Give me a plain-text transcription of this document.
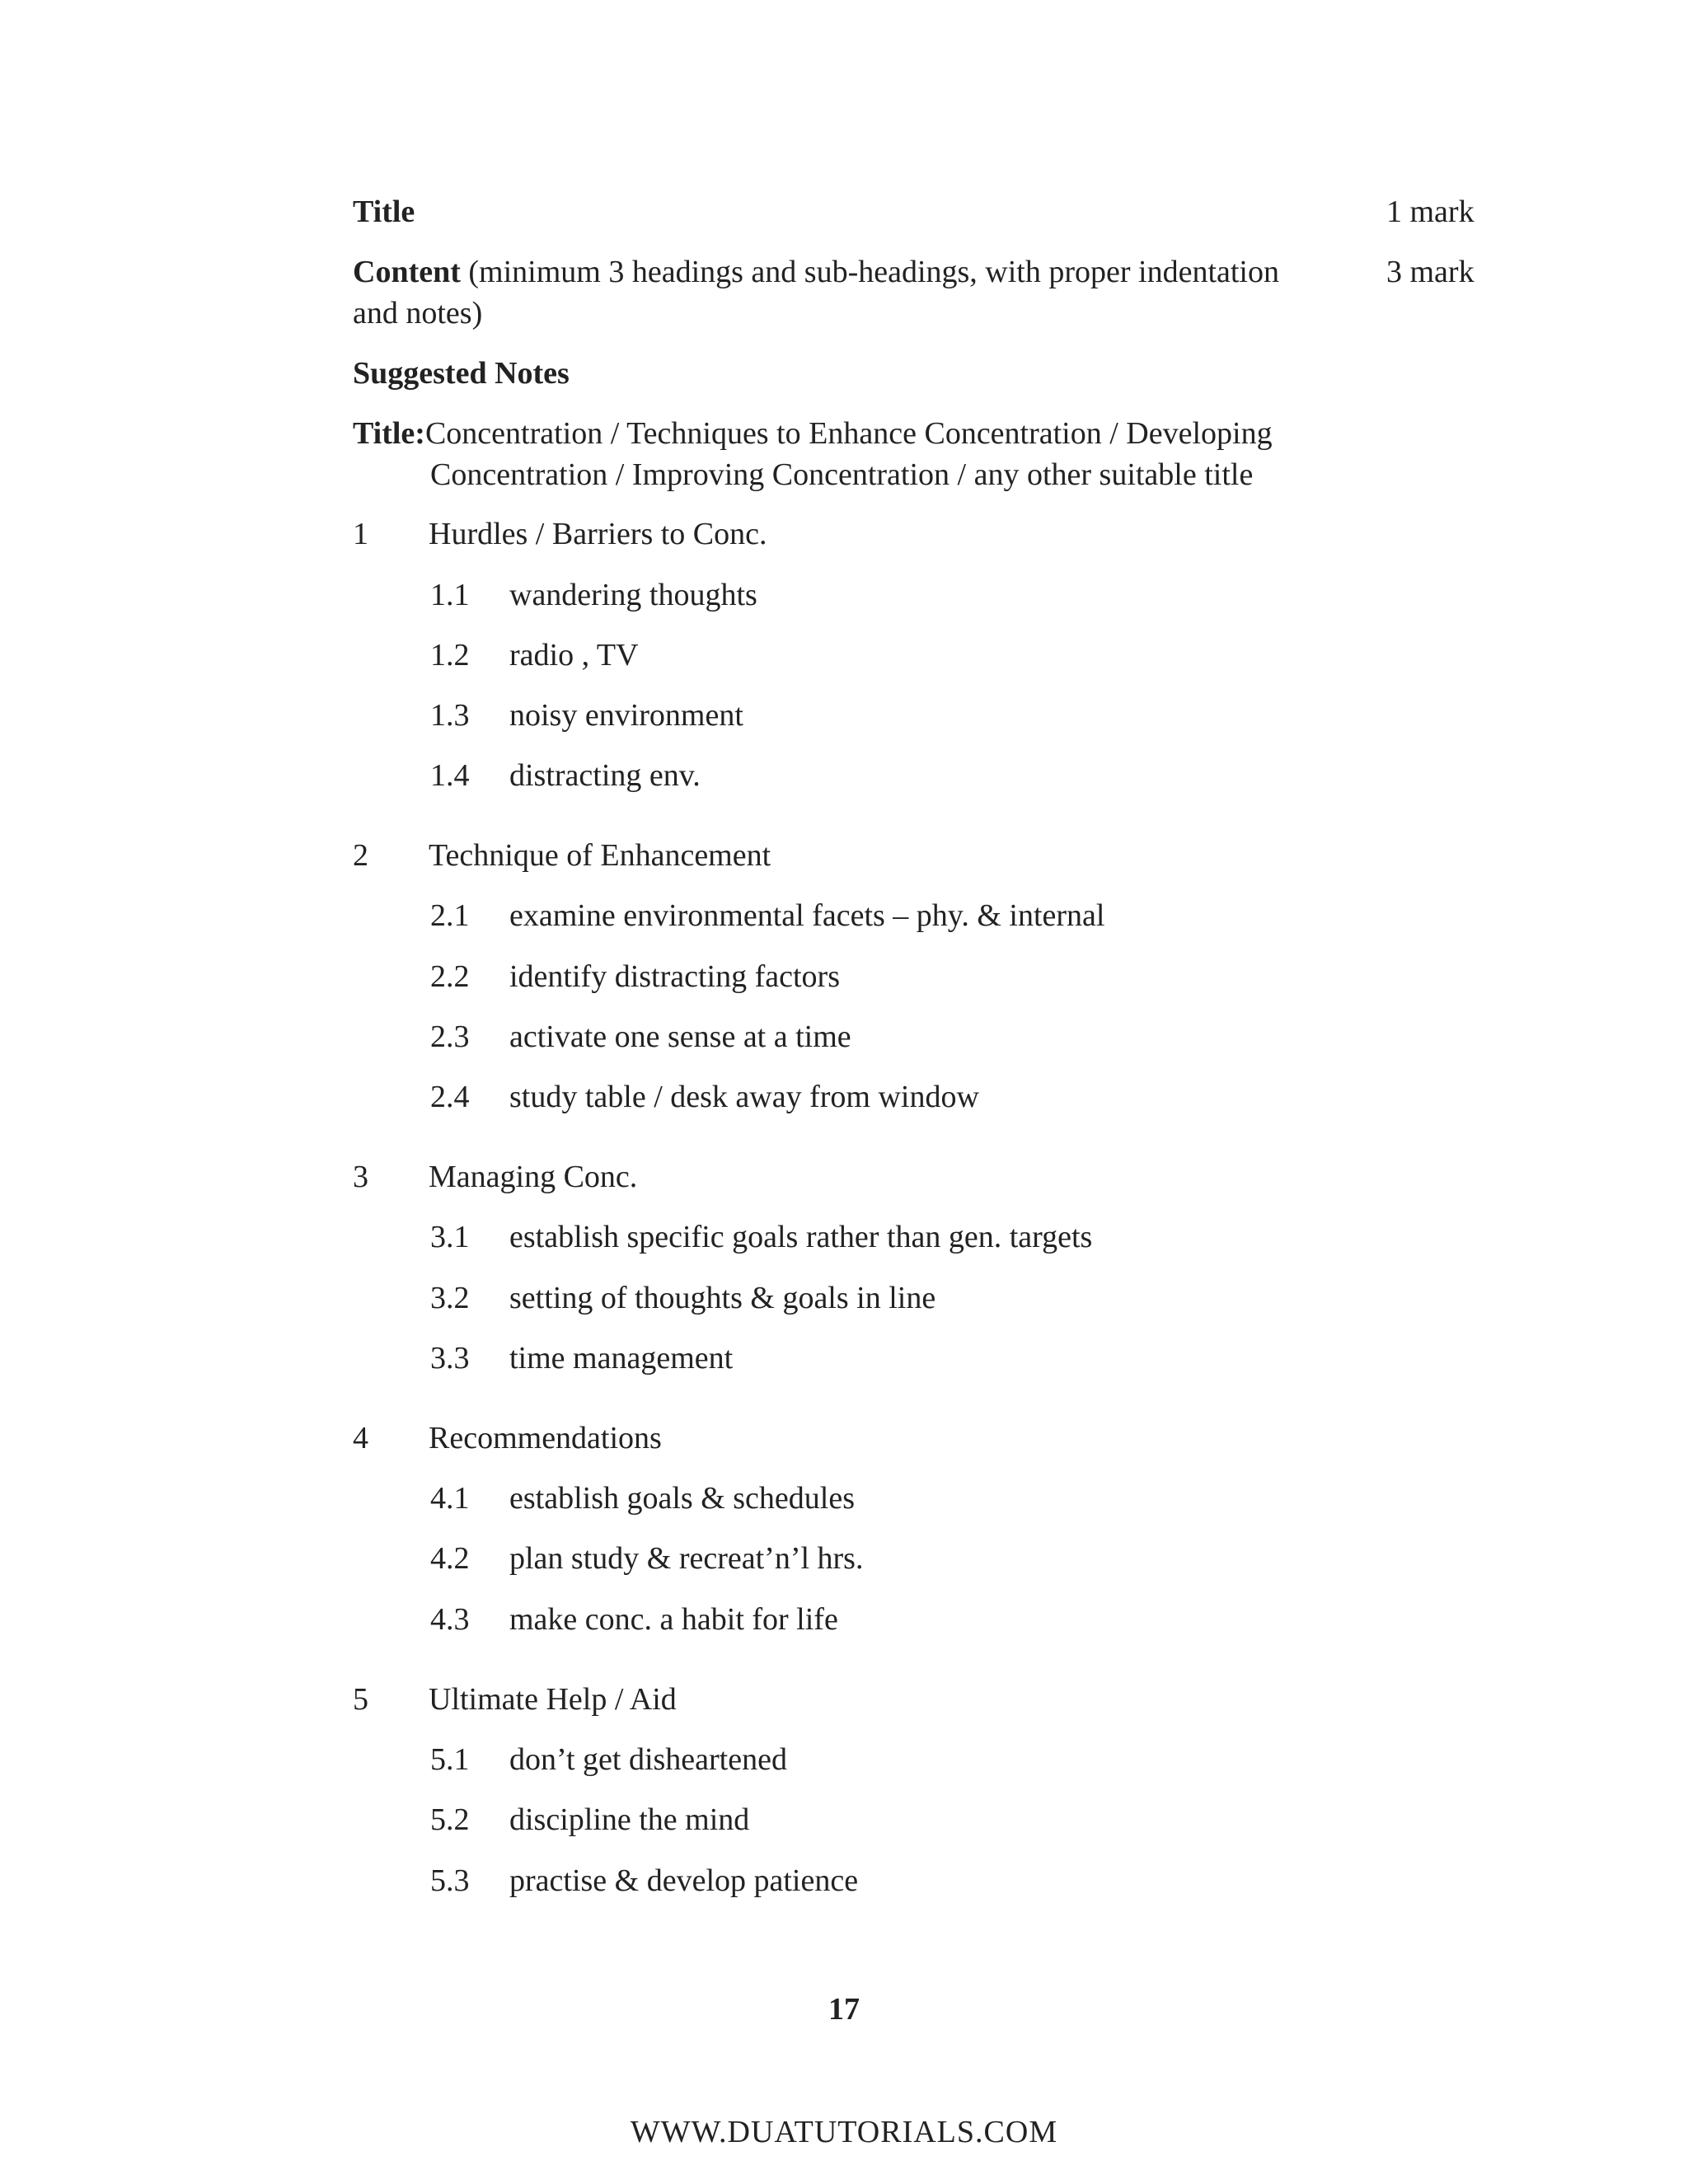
Title	1 mark
Content (minimum 3 headings and sub-headings, with proper indentation and notes)
3 mark
Suggested Notes
Title:Concentration / Techniques to Enhance Concentration / Developing
Concentration / Improving Concentration / any other suitable title
1 Hurdles / Barriers to Conc.
1.1 wandering thoughts
1.2 radio , TV
1.3 noisy environment
1.4 distracting env.
2 Technique of Enhancement
2.1 examine environmental facets – phy. & internal
2.2 identify distracting factors
2.3 activate one sense at a time
2.4 study table / desk away from window
3 Managing Conc.
3.1 establish specific goals rather than gen. targets
3.2 setting of thoughts & goals in line
3.3 time management
4 Recommendations
4.1 establish goals & schedules
4.2 plan study & recreat’n’l hrs.
4.3 make conc. a habit for life
5 Ultimate Help / Aid
5.1 don’t get disheartened
5.2 discipline the mind
5.3 practise & develop patience
17
WWW.DUATUTORIALS.COM
